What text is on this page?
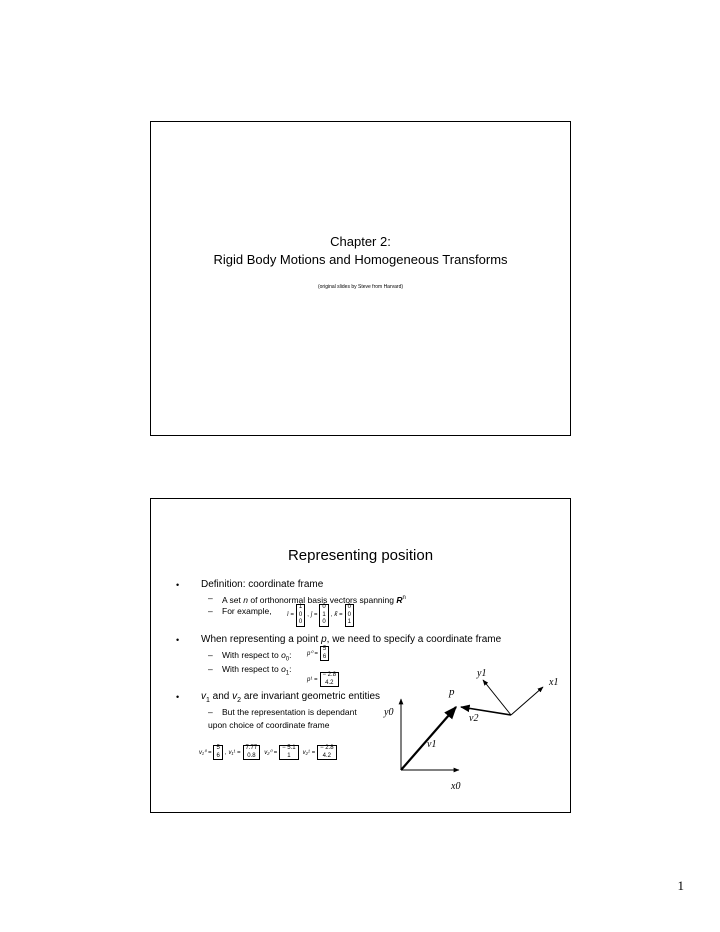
Chapter 2:
Rigid Body Motions and Homogeneous Transforms
(original slides by Steve from Harvard)
Representing position
• Definition: coordinate frame
– A set n of orthonormal basis vectors spanning $R^n$
– For example,	î =
1
0
0
, ĵ =
0
1
0
, k̂ =
0
0
1
• When representing a point p, we need to specify a coordinate frame
– With respect to $o_0$:	p⁰ =
5
6
– With respect to $o_1$:
p¹ =
− 2.8
4.2
• $v_1$ and $v_2$ are invariant geometric entities
– But the representation is dependant
upon choice of coordinate frame
v₁⁰ =
5
6 , v₁¹ =
7.77
0.8 v₂⁰ =
− 5.1
1 v₂¹ =
− 2.8
4.2
y1
x1
p
y0
v2
v1
x0
1
